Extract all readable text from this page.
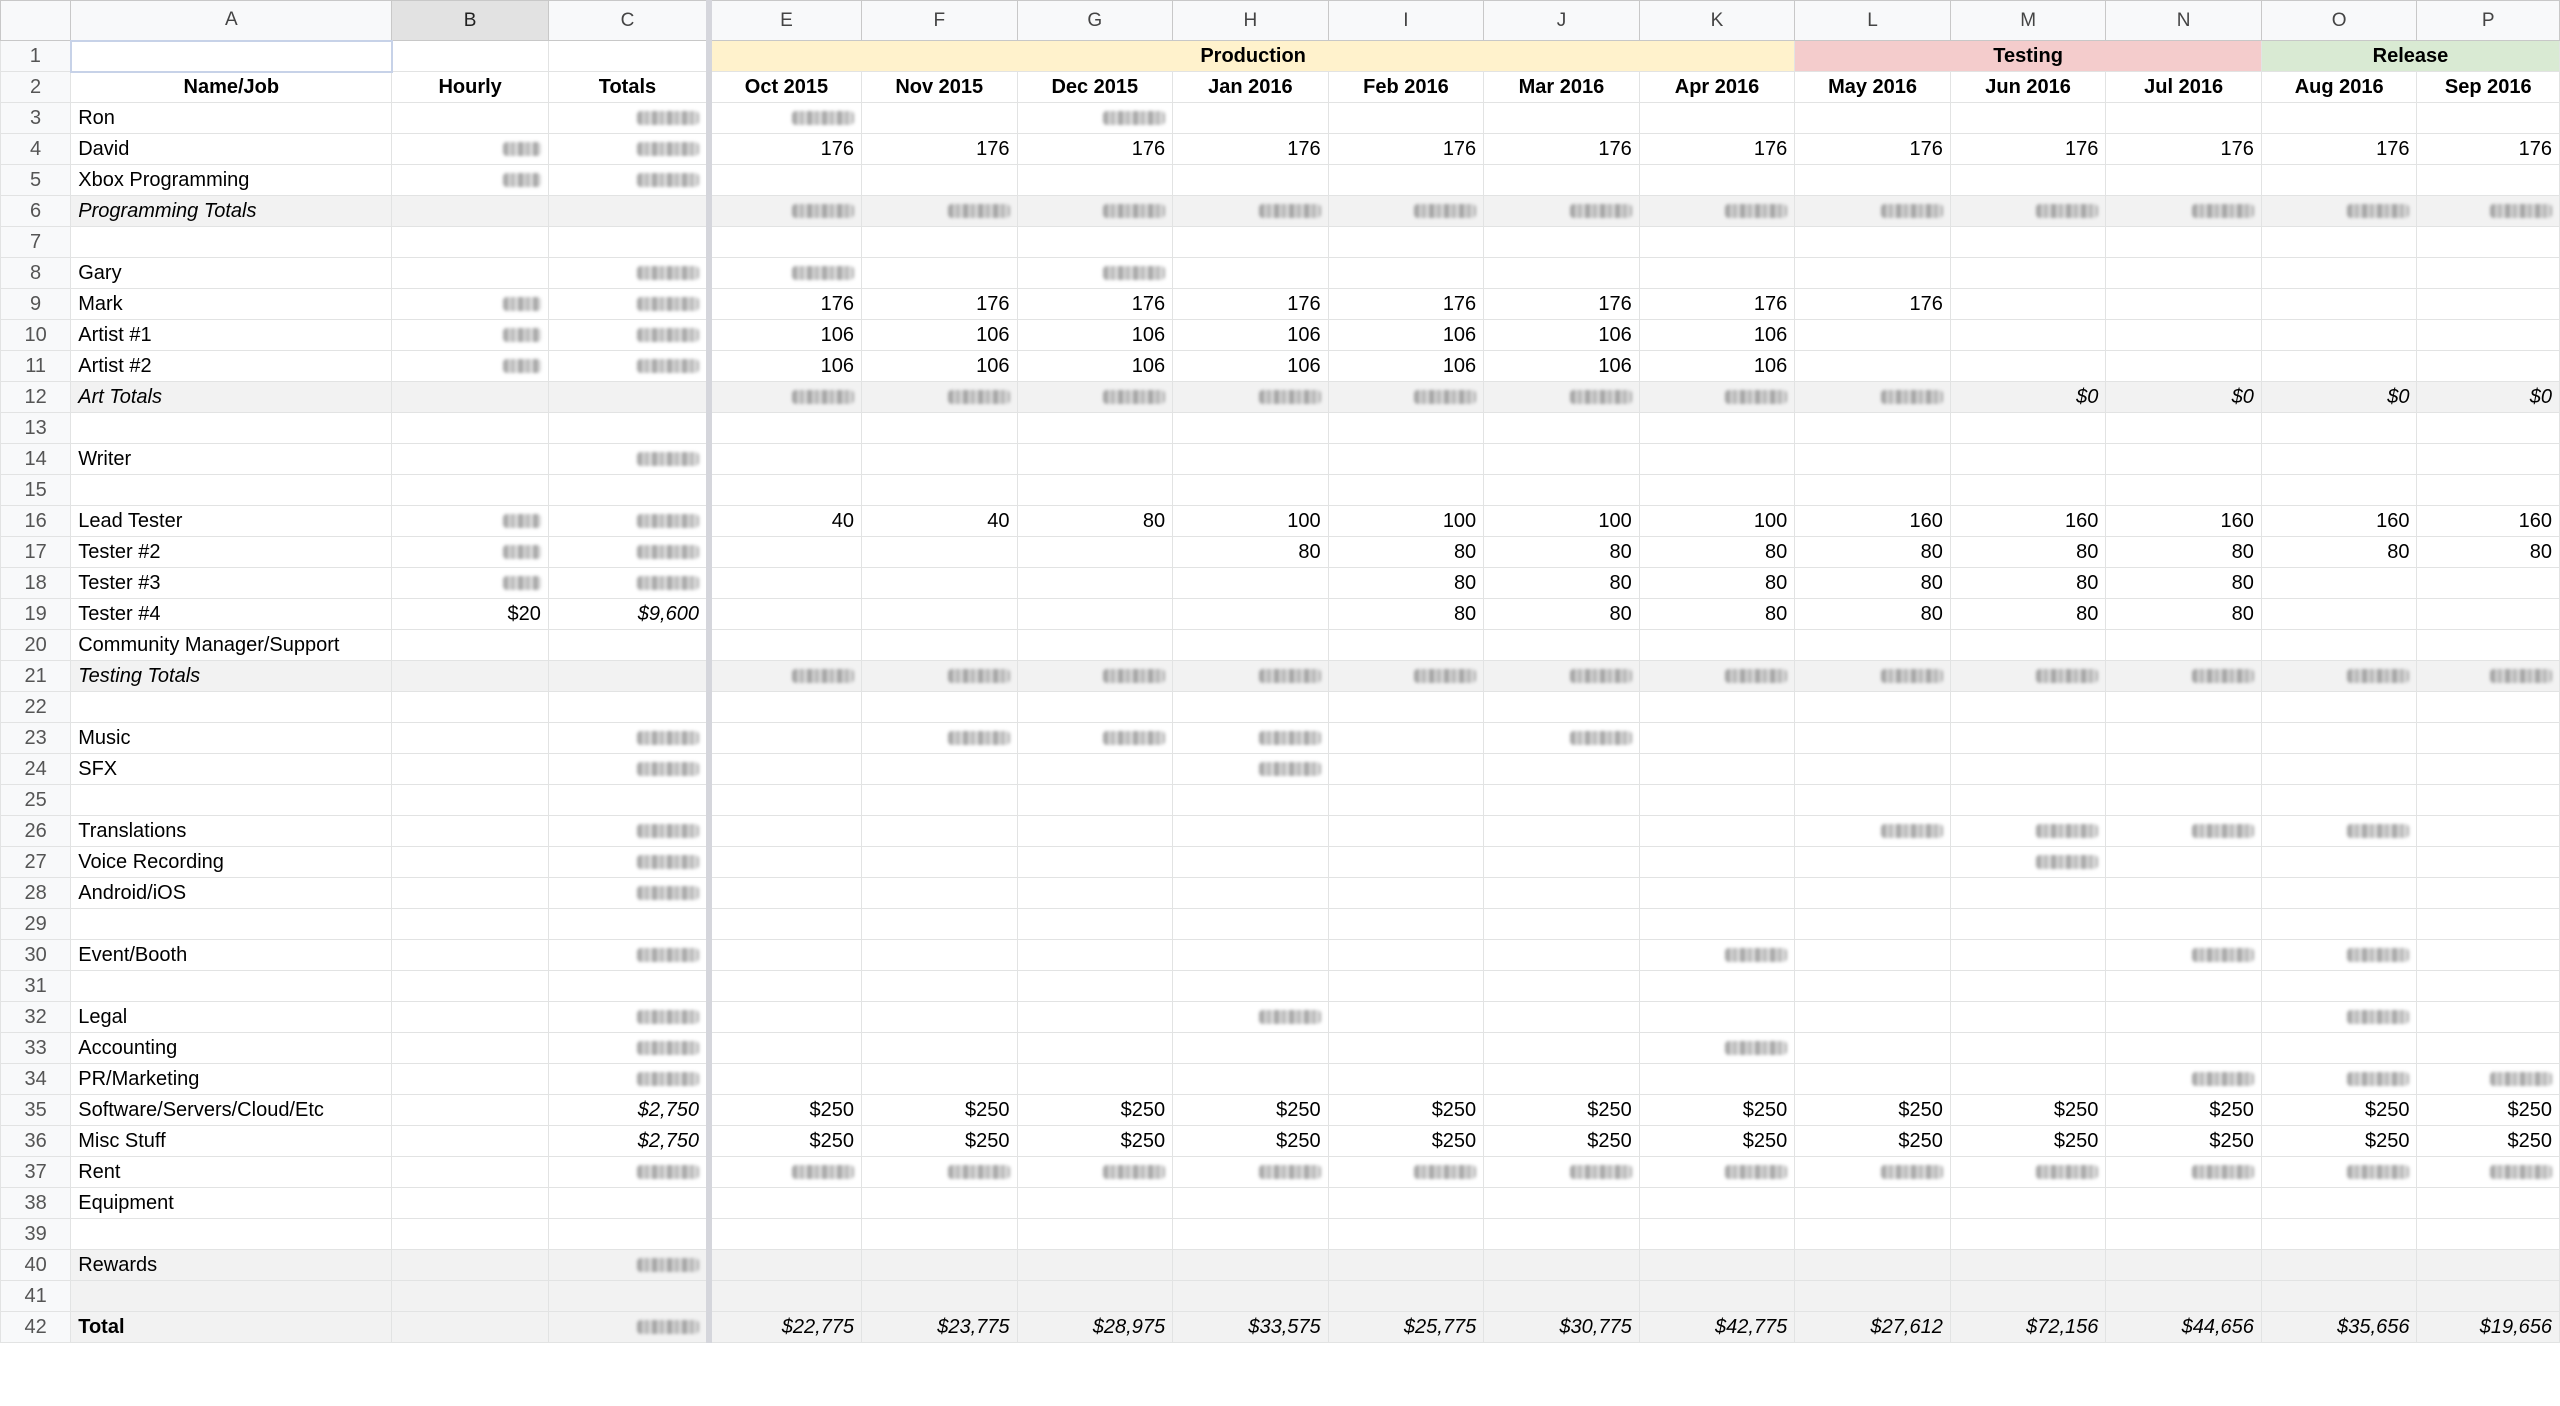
	A	B	C	E	F	G	H	I	J	K	L	M	N	O	P
1				Production							Testing			Release	
2	Name/Job	Hourly	Totals	Oct 2015	Nov 2015	Dec 2015	Jan 2016	Feb 2016	Mar 2016	Apr 2016	May 2016	Jun 2016	Jul 2016	Aug 2016	Sep 2016
3	Ron														
4	David			176	176	176	176	176	176	176	176	176	176	176	176
5	Xbox Programming														
6	Programming Totals														
7															
8	Gary														
9	Mark			176	176	176	176	176	176	176	176				
10	Artist #1			106	106	106	106	106	106	106					
11	Artist #2			106	106	106	106	106	106	106					
12	Art Totals											$0	$0	$0	$0
13															
14	Writer														
15															
16	Lead Tester			40	40	80	100	100	100	100	160	160	160	160	160
17	Tester #2						80	80	80	80	80	80	80	80	80
18	Tester #3							80	80	80	80	80	80		
19	Tester #4	$20	$9,600					80	80	80	80	80	80		
20	Community Manager/Support														
21	Testing Totals														
22															
23	Music														
24	SFX														
25															
26	Translations														
27	Voice Recording														
28	Android/iOS														
29															
30	Event/Booth														
31															
32	Legal														
33	Accounting														
34	PR/Marketing														
35	Software/Servers/Cloud/Etc		$2,750	$250	$250	$250	$250	$250	$250	$250	$250	$250	$250	$250	$250
36	Misc Stuff		$2,750	$250	$250	$250	$250	$250	$250	$250	$250	$250	$250	$250	$250
37	Rent														
38	Equipment														
39															
40	Rewards														
41															
42	Total			$22,775	$23,775	$28,975	$33,575	$25,775	$30,775	$42,775	$27,612	$72,156	$44,656	$35,656	$19,656
